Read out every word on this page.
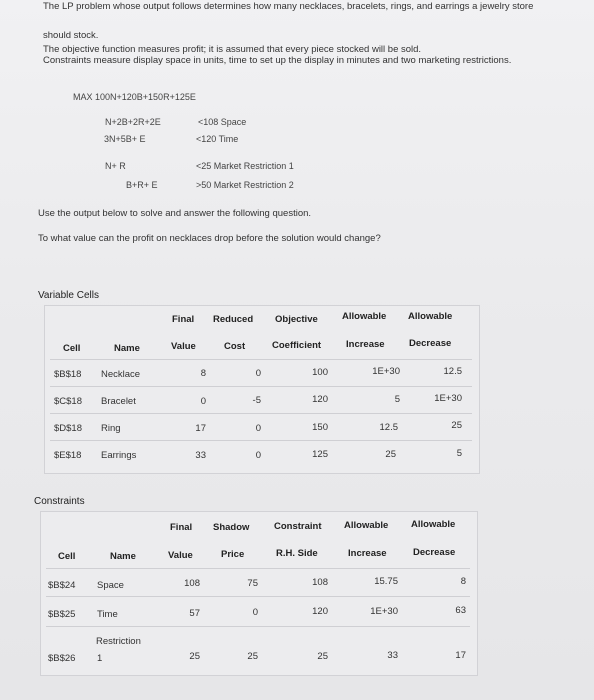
The LP problem whose output follows determines how many necklaces, bracelets, rings, and earrings a jewelry store
should stock.
The objective function measures profit; it is assumed that every piece stocked will be sold.
Constraints measure display space in units, time to set up the display in minutes and two marketing restrictions.
MAX 100N+120B+150R+125E
N+2B+2R+2E	<108 Space
3N+5B+ E	<120 Time
N+ R	<25 Market Restriction 1
B+R+ E	>50 Market Restriction 2
Use the output below to solve and answer the following question.
To what value can the profit on necklaces drop before the solution would change?
Variable Cells
Final Reduced Objective	Allowable Allowable
Cell	Name	Value	Cost	Coefficient	Increase	Decrease
$B$18 Necklace	8	0	100	1E+30	12.5
$C$18 Bracelet	0	-5	120	5	1E+30
$D$18 Ring	17	0	150	12.5	25
$E$18 Earrings	33	0	125	25	5
Constraints
Final Shadow	Constraint Allowable Allowable
Cell	Name	Value	Price	R.H. Side	Increase	Decrease
$B$24 Space	108	75	108	15.75	8
$B$25 Time	57	0	120	1E+30	63
Restriction
$B$26 1	25	25	25	33	17
